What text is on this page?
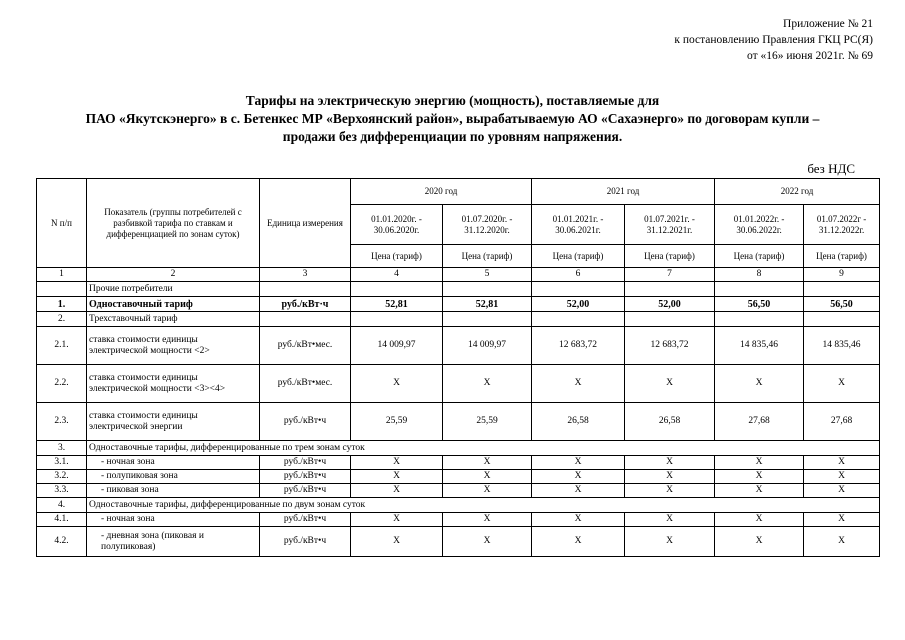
Приложение № 21
к постановлению Правления ГКЦ РС(Я)
от «16» июня 2021г. № 69
Тарифы на электрическую энергию (мощность), поставляемые для
ПАО «Якутскэнерго» в с. Бетенкес МР «Верхоянский район», вырабатываемую АО «Сахаэнерго» по договорам купли –
продажи без дифференциации по уровням напряжения.
без НДС
N п/п	Показатель (группы потребителей с разбивкой тарифа по ставкам и дифференциацией по зонам суток)	Единица измерения	2020 год		2021 год		2022 год	
			01.01.2020г. - 30.06.2020г.	01.07.2020г. - 31.12.2020г.	01.01.2021г. - 30.06.2021г.	01.07.2021г. - 31.12.2021г.	01.01.2022г. - 30.06.2022г.	01.07.2022г - 31.12.2022г.
			Цена (тариф)	Цена (тариф)	Цена (тариф)	Цена (тариф)	Цена (тариф)	Цена (тариф)
1	2	3	4	5	6	7	8	9
	Прочие потребители							
1.	Одноставочный тариф	руб./кВт·ч	52,81	52,81	52,00	52,00	56,50	56,50
2.	Трехставочный тариф							
2.1.	ставка стоимости единицы электрической мощности <2>	руб./кВт•мес.	14 009,97	14 009,97	12 683,72	12 683,72	14 835,46	14 835,46
2.2.	ставка стоимости единицы электрической мощности <3><4>	руб./кВт•мес.	X	X	X	X	X	X
2.3.	ставка стоимости единицы электрической энергии	руб./кВт•ч	25,59	25,59	26,58	26,58	27,68	27,68
3.	Одноставочные тарифы, дифференцированные по трем зонам суток							
3.1.	- ночная зона	руб./кВт•ч	X	X	X	X	X	X
3.2.	- полупиковая зона	руб./кВт•ч	X	X	X	X	X	X
3.3.	- пиковая зона	руб./кВт•ч	X	X	X	X	X	X
4.	Одноставочные тарифы, дифференцированные по двум зонам суток							
4.1.	- ночная зона	руб./кВт•ч	X	X	X	X	X	X
4.2.	- дневная зона (пиковая и полупиковая)	руб./кВт•ч	X	X	X	X	X	X
